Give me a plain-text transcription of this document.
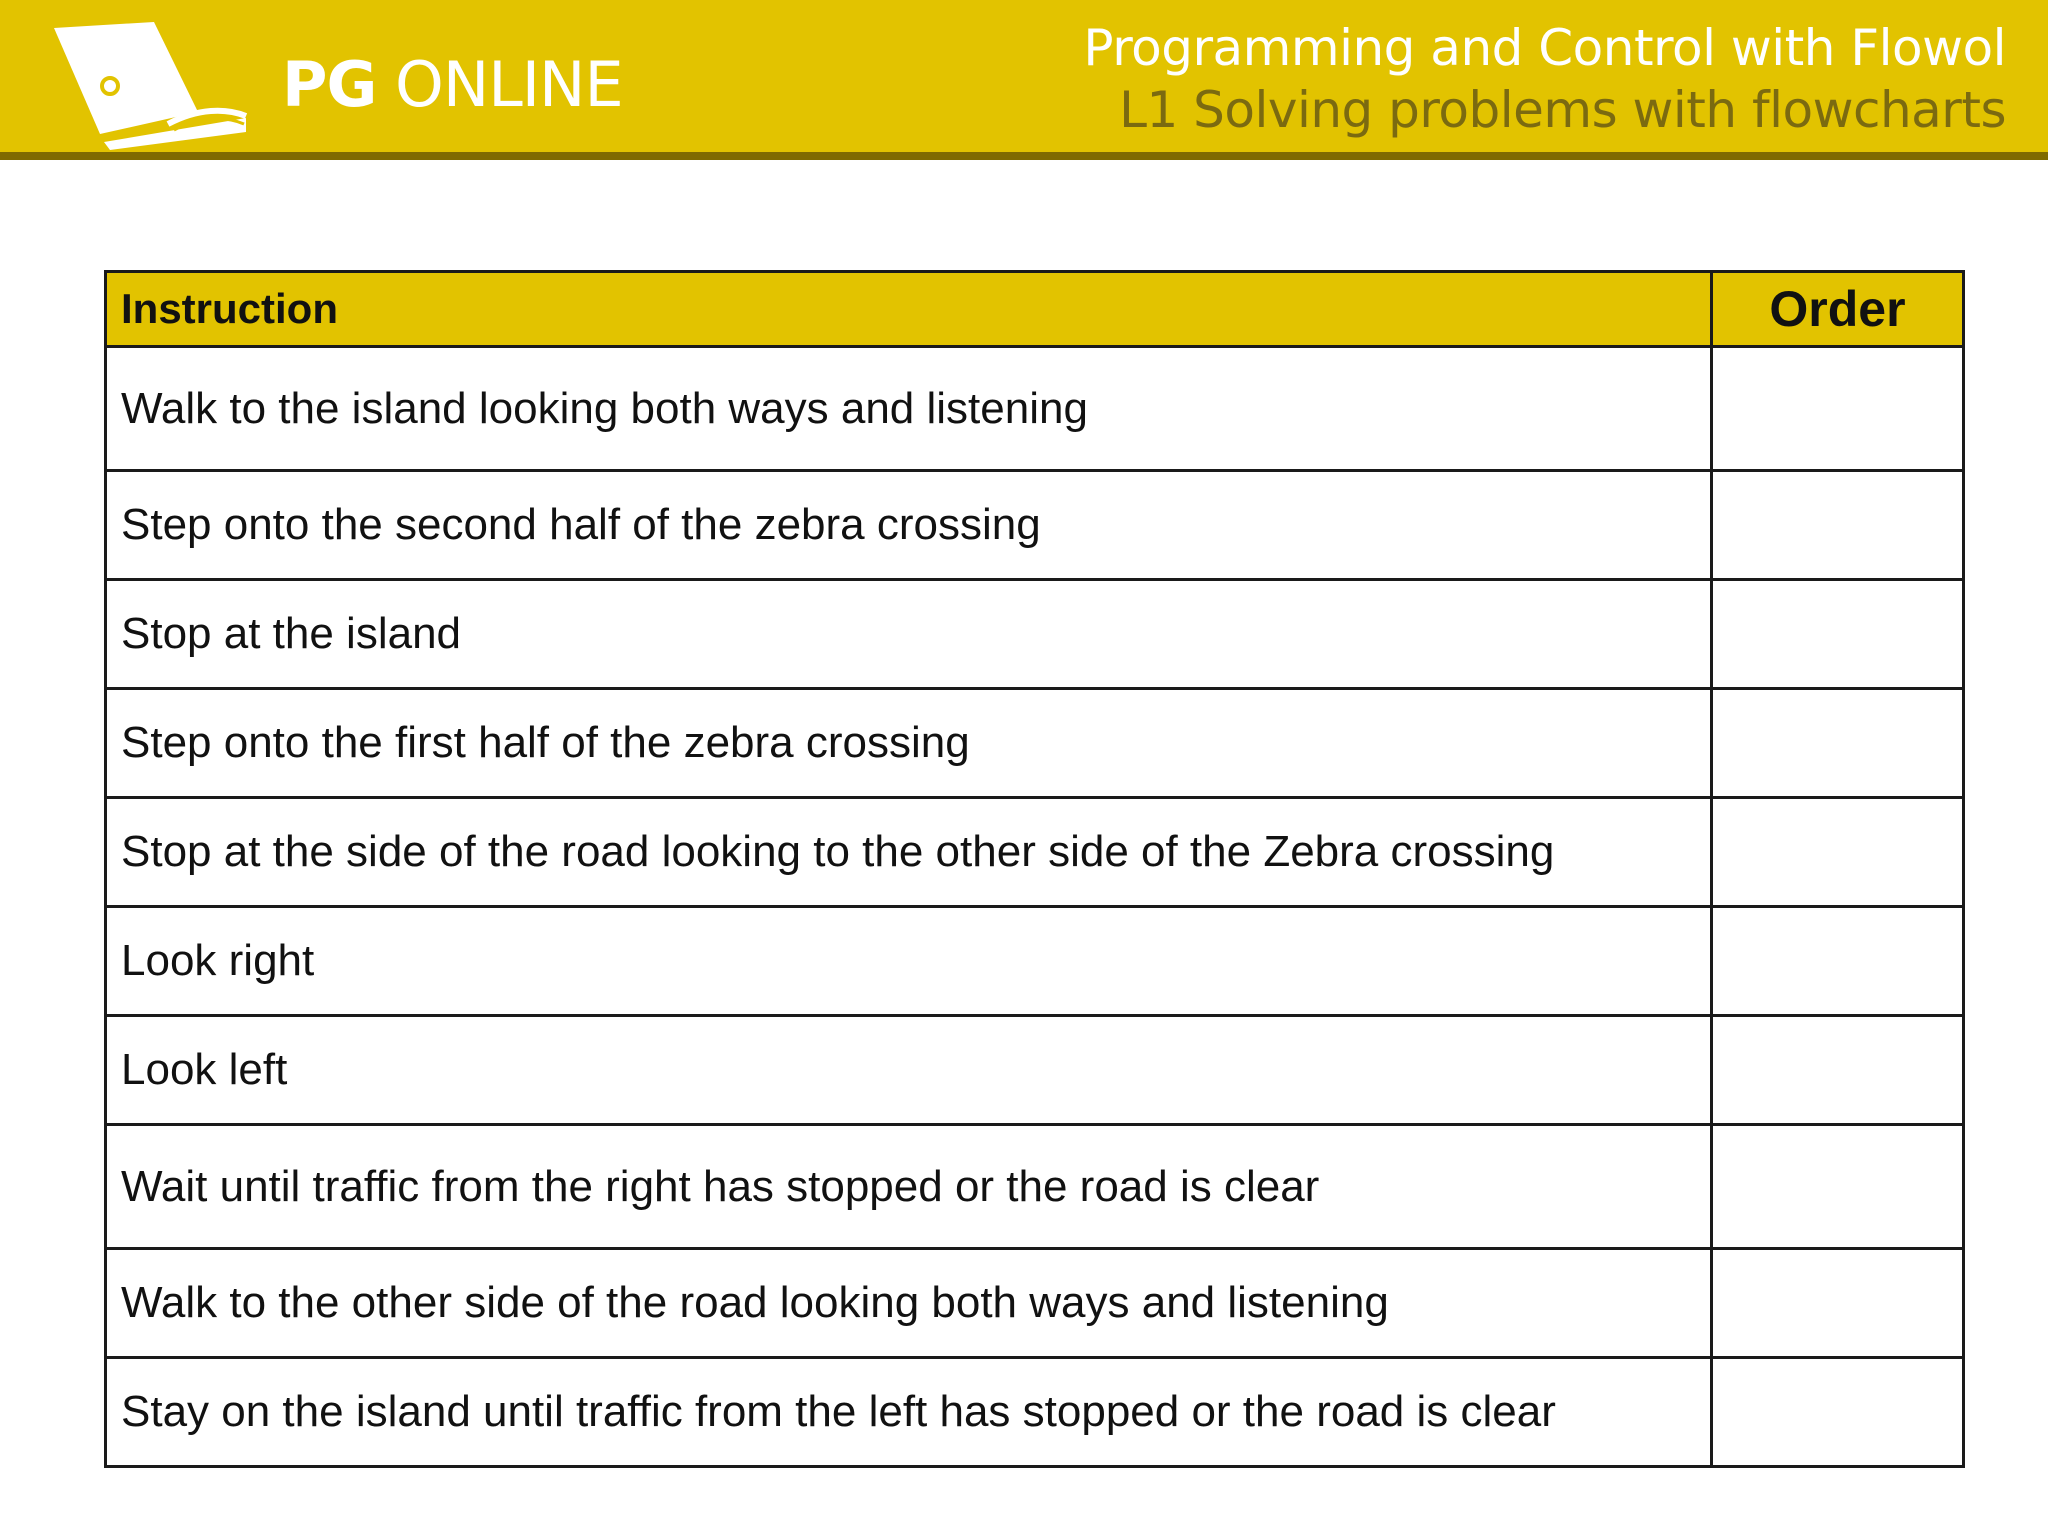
PG ONLINE	Programming and Control with Flowol
L1 Solving problems with flowcharts
Instruction	Order
Walk to the island looking both ways and listening	
Step onto the second half of the zebra crossing	
Stop at the island	
Step onto the first half of the zebra crossing	
Stop at the side of the road looking to the other side of the Zebra crossing	
Look right	
Look left	
Wait until traffic from the right has stopped or the road is clear	
Walk to the other side of the road looking both ways and listening	
Stay on the island until traffic from the left has stopped or the road is clear	
